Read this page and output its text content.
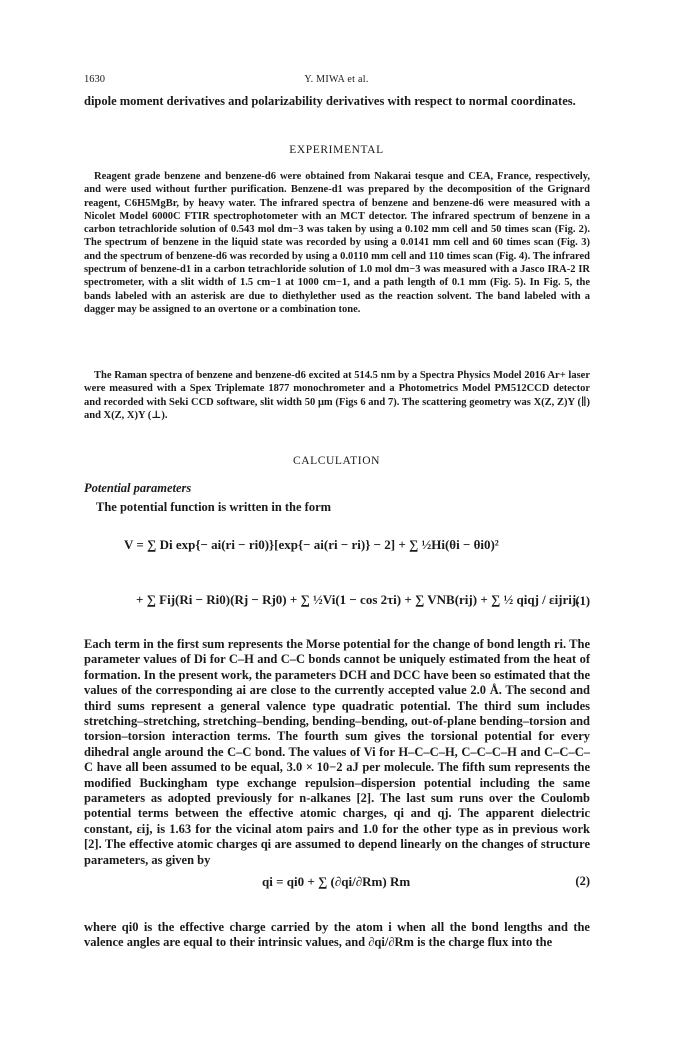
1630	Y. MIWA et al.

dipole moment derivatives and polarizability derivatives with respect to normal coordinates.

EXPERIMENTAL

Reagent grade benzene and benzene-d6 were obtained from Nakarai tesque and CEA, France, respectively, and were used without further purification. Benzene-d1 was prepared by the decomposition of the Grignard reagent, C6H5MgBr, by heavy water. The infrared spectra of benzene and benzene-d6 were measured with a Nicolet Model 6000C FTIR spectrophotometer with an MCT detector. The infrared spectrum of benzene in a carbon tetrachloride solution of 0.543 mol dm−3 was taken by using a 0.102 mm cell and 50 times scan (Fig. 2). The spectrum of benzene in the liquid state was recorded by using a 0.0141 mm cell and 60 times scan (Fig. 3) and the spectrum of benzene-d6 was recorded by using a 0.0110 mm cell and 110 times scan (Fig. 4). The infrared spectrum of benzene-d1 in a carbon tetrachloride solution of 1.0 mol dm−3 was measured with a Jasco IRA-2 IR spectrometer, with a slit width of 1.5 cm−1 at 1000 cm−1, and a path length of 0.1 mm (Fig. 5). In Fig. 5, the bands labeled with an asterisk are due to diethylether used as the reaction solvent. The band labeled with a dagger may be assigned to an overtone or a combination tone.

The Raman spectra of benzene and benzene-d6 excited at 514.5 nm by a Spectra Physics Model 2016 Ar+ laser were measured with a Spex Triplemate 1877 monochrometer and a Photometrics Model PM512CCD detector and recorded with Seki CCD software, slit width 50 μm (Figs 6 and 7). The scattering geometry was X(Z, Z)Y (∥) and X(Z, X)Y (⊥).

CALCULATION
Potential parameters

The potential function is written in the form

V = ∑ Di exp{− ai(ri − ri0)}[exp{− ai(ri − ri)} − 2] + ∑ ½Hi(θi − θi0)²
+ ∑ Fij(Ri − Ri0)(Rj − Rj0) + ∑ ½Vi(1 − cos 2τi) + ∑ VNB(rij) + ∑ ½ qiqj / εijrij.
(1)

Each term in the first sum represents the Morse potential for the change of bond length ri. The parameter values of Di for C–H and C–C bonds cannot be uniquely estimated from the heat of formation. In the present work, the parameters DCH and DCC have been so estimated that the values of the corresponding ai are close to the currently accepted value 2.0 Å. The second and third sums represent a general valence type quadratic potential. The third sum includes stretching–stretching, stretching–bending, bending–bending, out-of-plane bending–torsion and torsion–torsion interaction terms. The fourth sum gives the torsional potential for every dihedral angle around the C–C bond. The values of Vi for H–C–C–H, C–C–C–H and C–C–C–C have all been assumed to be equal, 3.0 × 10−2 aJ per molecule. The fifth sum represents the modified Buckingham type exchange repulsion–dispersion potential including the same parameters as adopted previously for n-alkanes [2]. The last sum runs over the Coulomb potential terms between the effective atomic charges, qi and qj. The apparent dielectric constant, εij, is 1.63 for the vicinal atom pairs and 1.0 for the other type as in previous work [2]. The effective atomic charges qi are assumed to depend linearly on the changes of structure parameters, as given by

qi = qi0 + ∑ (∂qi/∂Rm) Rm	(2)

where qi0 is the effective charge carried by the atom i when all the bond lengths and the valence angles are equal to their intrinsic values, and ∂qi/∂Rm is the charge flux into the
